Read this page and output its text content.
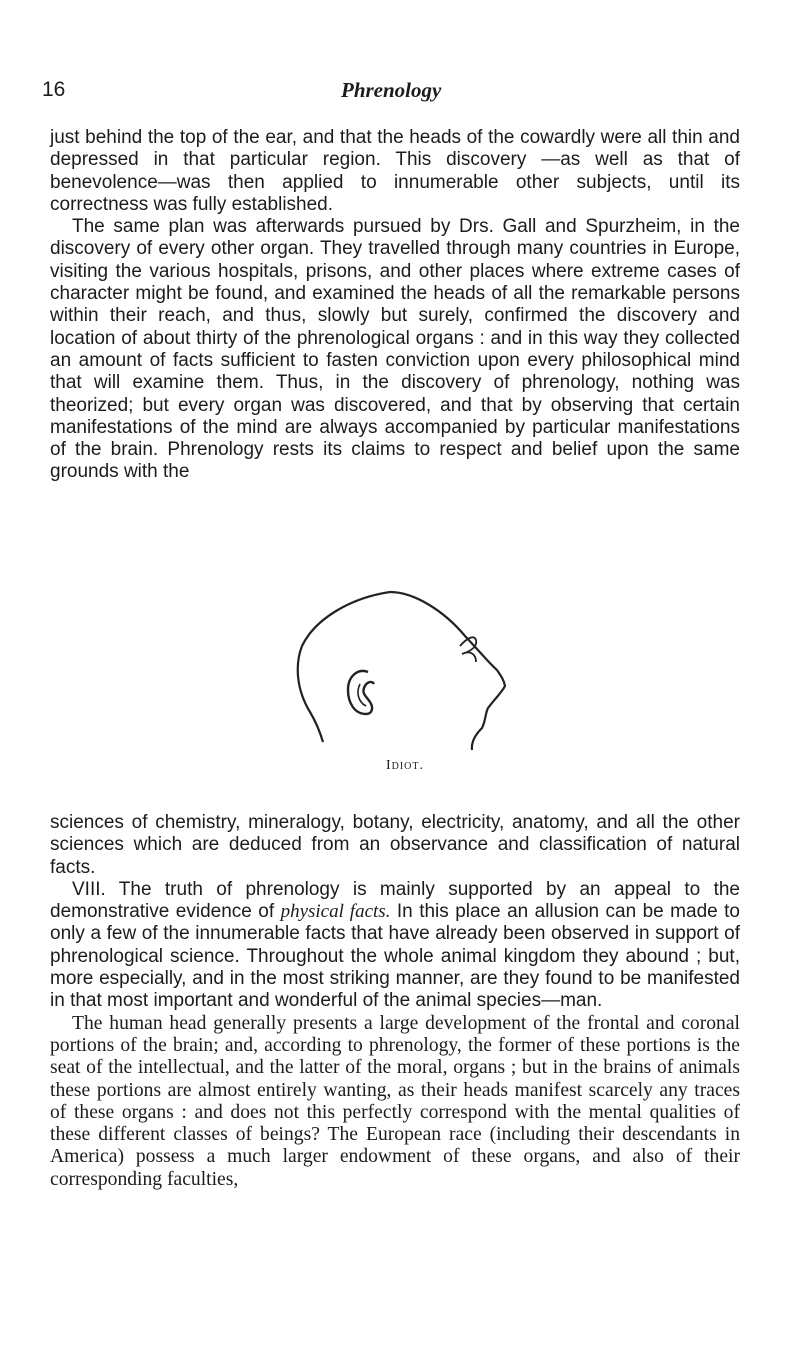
16	Phrenology

just behind the top of the ear, and that the heads of the cowardly were all thin and depressed in that particular region. This discovery —as well as that of benevolence—was then applied to innumerable other subjects, until its correctness was fully established.

The same plan was afterwards pursued by Drs. Gall and Spurzheim, in the discovery of every other organ. They travelled through many countries in Europe, visiting the various hospitals, prisons, and other places where extreme cases of character might be found, and examined the heads of all the remarkable persons within their reach, and thus, slowly but surely, confirmed the discovery and location of about thirty of the phrenological organs : and in this way they collected an amount of facts sufficient to fasten conviction upon every philosophical mind that will examine them. Thus, in the discovery of phrenology, nothing was theorized; but every organ was discovered, and that by observing that certain manifestations of the mind are always accompanied by particular manifestations of the brain. Phrenology rests its claims to respect and belief upon the same grounds with the

Idiot.

sciences of chemistry, mineralogy, botany, electricity, anatomy, and all the other sciences which are deduced from an observance and classification of natural facts.

VIII. The truth of phrenology is mainly supported by an appeal to the demonstrative evidence of physical facts. In this place an allusion can be made to only a few of the innumerable facts that have already been observed in support of phrenological science. Throughout the whole animal kingdom they abound ; but, more especially, and in the most striking manner, are they found to be manifested in that most important and wonderful of the animal species—man.

The human head generally presents a large development of the frontal and coronal portions of the brain; and, according to phrenology, the former of these portions is the seat of the intellectual, and the latter of the moral, organs ; but in the brains of animals these portions are almost entirely wanting, as their heads manifest scarcely any traces of these organs : and does not this perfectly correspond with the mental qualities of these different classes of beings? The European race (including their descendants in America) possess a much larger endowment of these organs, and also of their corresponding faculties,
